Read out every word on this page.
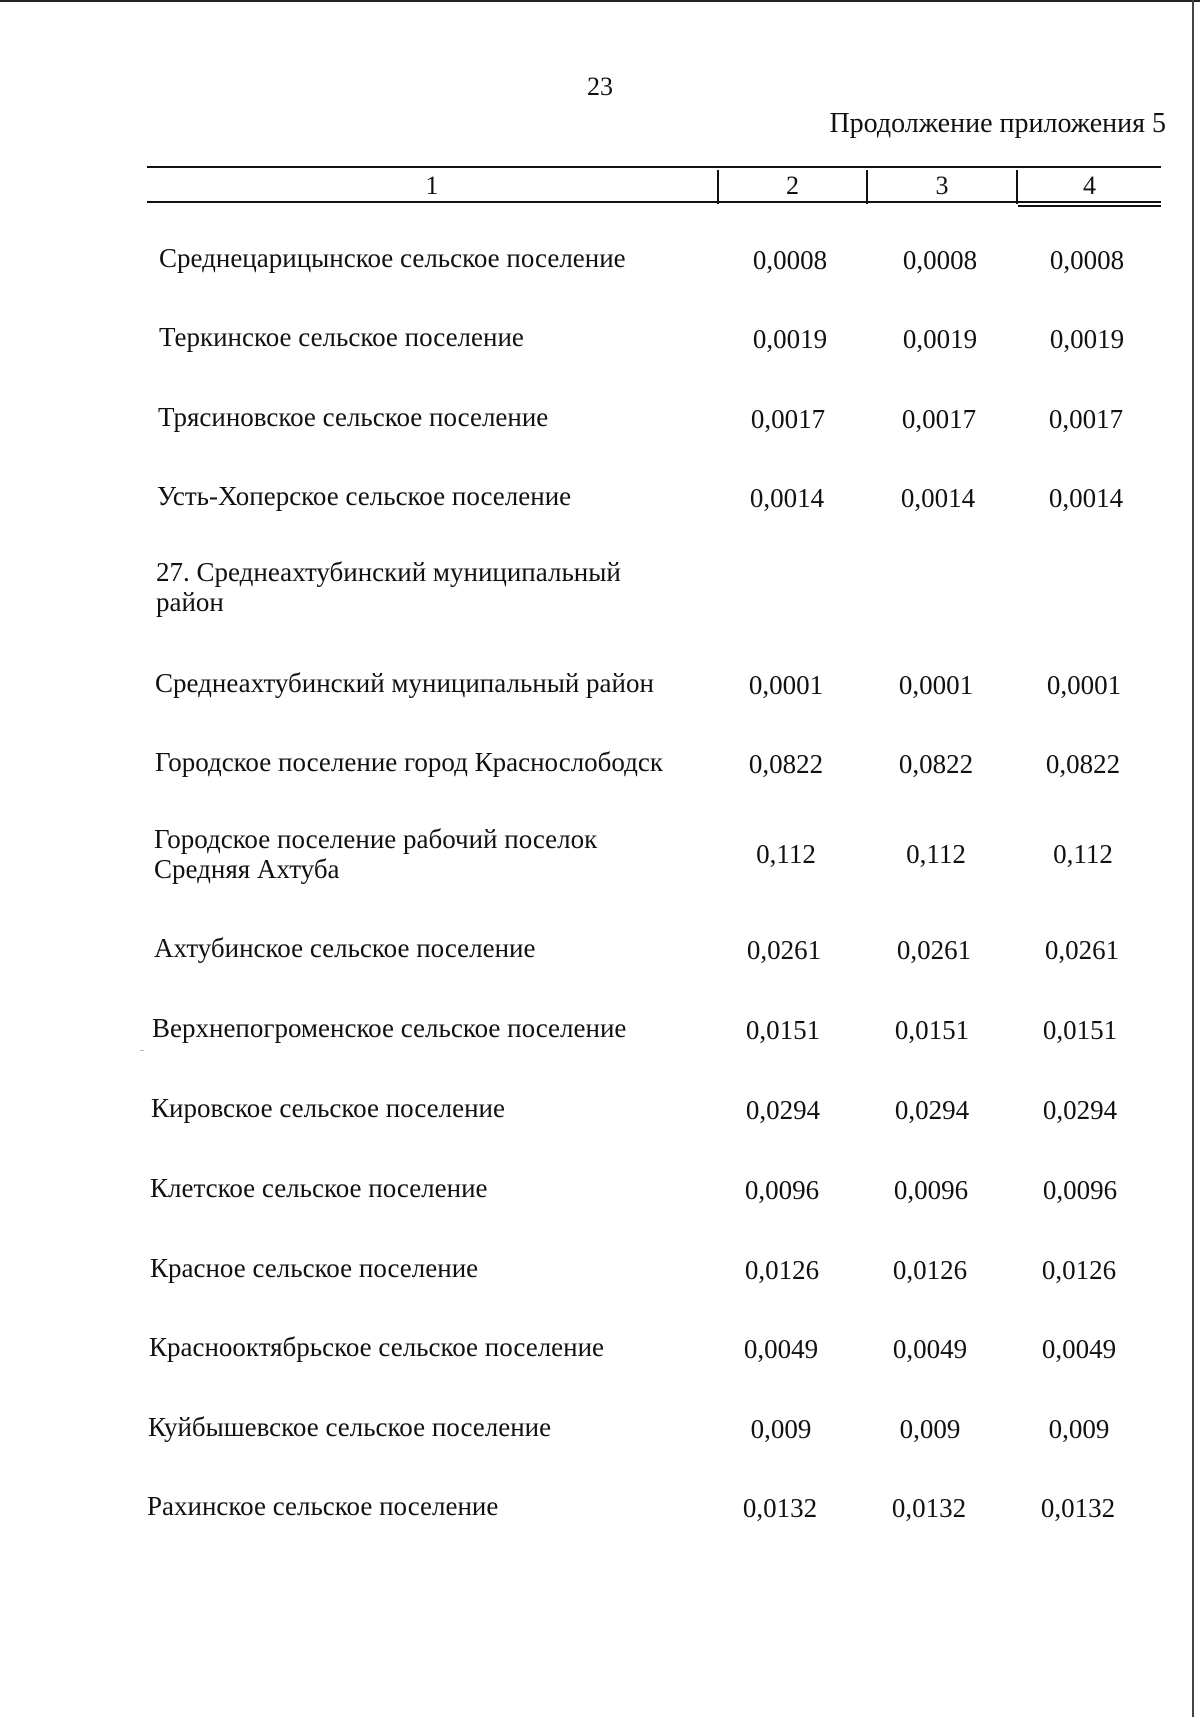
23
Продолжение приложения 5
1	2	3	4
Среднецарицынское сельское поселение	0,0008	0,0008	0,0008
Теркинское сельское поселение	0,0019	0,0019	0,0019
Трясиновское сельское поселение	0,0017	0,0017	0,0017
Усть-Хоперское сельское поселение	0,0014	0,0014	0,0014
27. Среднеахтубинский муниципальный
район
Среднеахтубинский муниципальный район	0,0001	0,0001	0,0001
Городское поселение город Краснослободск	0,0822	0,0822	0,0822
Городское поселение рабочий поселок
Средняя Ахтуба	0,112	0,112	0,112
Ахтубинское сельское поселение	0,0261	0,0261	0,0261
Верхнепогроменское сельское поселение	0,0151	0,0151	0,0151
Кировское сельское поселение	0,0294	0,0294	0,0294
Клетское сельское поселение	0,0096	0,0096	0,0096
Красное сельское поселение	0,0126	0,0126	0,0126
Краснооктябрьское сельское поселение	0,0049	0,0049	0,0049
Куйбышевское сельское поселение	0,009	0,009	0,009
Рахинское сельское поселение	0,0132	0,0132	0,0132
